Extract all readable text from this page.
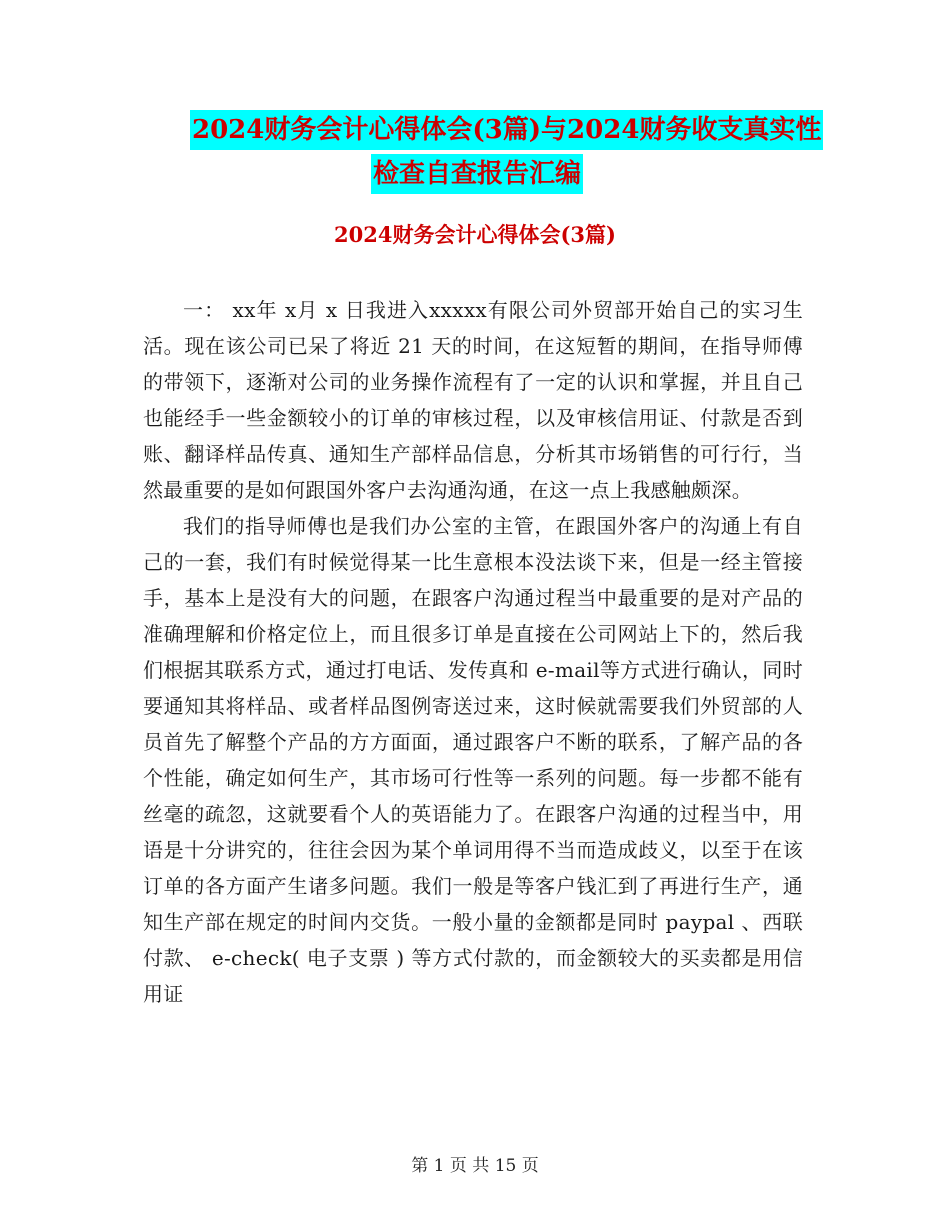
2024财务会计心得体会(3篇)与2024财务收支真实性
检查自查报告汇编
2024财务会计心得体会(3篇)

一： xx年 x月 x 日我进入xxxxx有限公司外贸部开始自己的实习生活。现在该公司已呆了将近 21 天的时间，在这短暂的期间，在指导师傅的带领下，逐渐对公司的业务操作流程有了一定的认识和掌握，并且自己也能经手一些金额较小的订单的审核过程，以及审核信用证、付款是否到账、翻译样品传真、通知生产部样品信息，分析其市场销售的可行行，当然最重要的是如何跟国外客户去沟通沟通，在这一点上我感触颇深。

我们的指导师傅也是我们办公室的主管，在跟国外客户的沟通上有自己的一套，我们有时候觉得某一比生意根本没法谈下来，但是一经主管接手，基本上是没有大的问题，在跟客户沟通过程当中最重要的是对产品的准确理解和价格定位上，而且很多订单是直接在公司网站上下的，然后我们根据其联系方式，通过打电话、发传真和 e-mail等方式进行确认，同时要通知其将样品、或者样品图例寄送过来，这时候就需要我们外贸部的人员首先了解整个产品的方方面面，通过跟客户不断的联系，了解产品的各个性能，确定如何生产，其市场可行性等一系列的问题。每一步都不能有丝毫的疏忽，这就要看个人的英语能力了。在跟客户沟通的过程当中，用语是十分讲究的，往往会因为某个单词用得不当而造成歧义，以至于在该订单的各方面产生诸多问题。我们一般是等客户钱汇到了再进行生产，通知生产部在规定的时间内交货。一般小量的金额都是同时 paypal 、西联付款、 e-check( 电子支票 ) 等方式付款的，而金额较大的买卖都是用信用证

第 1 页 共 15 页
